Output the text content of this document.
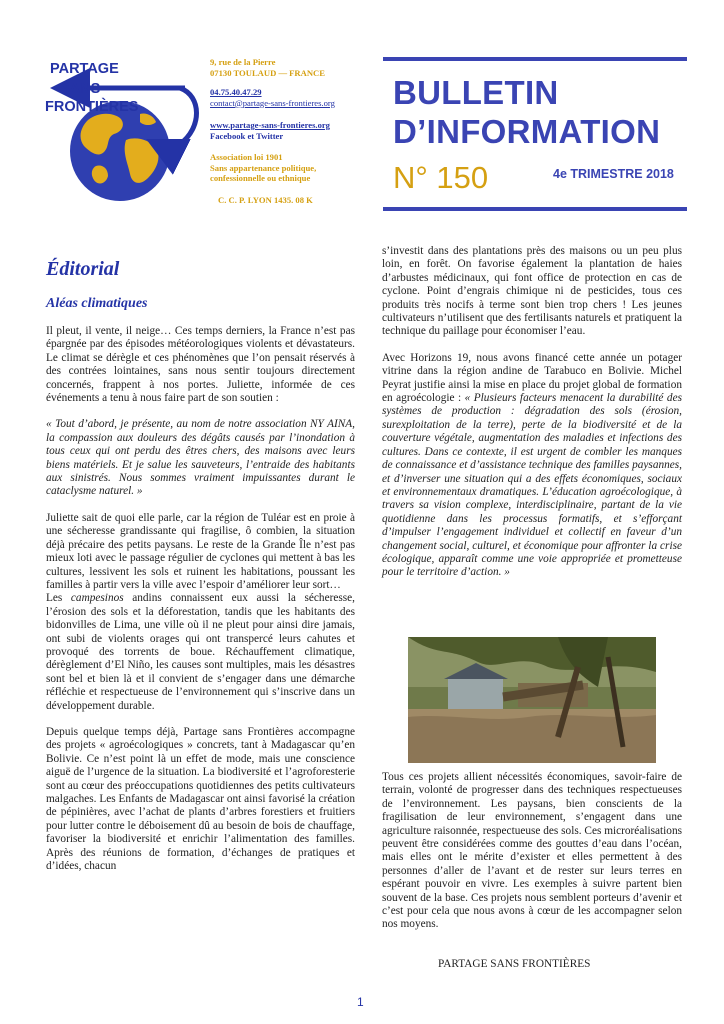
PARTAGE
SANS
FRONTIÈRES
9, rue de la Pierre
07130 TOULAUD — FRANCE
04.75.40.47.29
contact@partage-sans-frontieres.org
www.partage-sans-frontieres.org
Facebook et Twitter
Association loi 1901
Sans appartenance politique,
confessionnelle ou ethnique
C. C. P. LYON 1435. 08 K
BULLETIN
D’INFORMATION
N° 150	4e TRIMESTRE 2018
Éditorial
Aléas climatiques

Il pleut, il vente, il neige… Ces temps derniers, la France n’est pas épargnée par des épisodes météorologiques violents et dévastateurs. Le climat se dérègle et ces phénomènes que l’on pensait réservés à des contrées lointaines, sans nous sentir toujours directement concernés, frappent à nos portes. Juliette, informée de ces événements a tenu à nous faire part de son soutien :

« Tout d’abord, je présente, au nom de notre association NY AINA, la compassion aux douleurs des dégâts causés par l’inondation à tous ceux qui ont perdu des êtres chers, des maisons avec leurs biens matériels. Et je salue les sauveteurs, l’entraide des habitants aux sinistrés. Nous sommes vraiment impuissantes durant le cataclysme naturel. »

Juliette sait de quoi elle parle, car la région de Tuléar est en proie à une sécheresse grandissante qui fragilise, ô combien, la situation déjà précaire des petits paysans. Le reste de la Grande Île n’est pas mieux loti avec le passage régulier de cyclones qui mettent à bas les cultures, lessivent les sols et ruinent les habitations, poussant les familles à partir vers la ville avec l’espoir d’améliorer leur sort…

Les campesinos andins connaissent eux aussi la sécheresse, l’érosion des sols et la déforestation, tandis que les habitants des bidonvilles de Lima, une ville où il ne pleut pour ainsi dire jamais, ont subi de violents orages qui ont transpercé leurs cahutes et provoqué des torrents de boue. Réchauffement climatique, dérèglement d’El Niño, les causes sont multiples, mais les désastres sont bel et bien là et il convient de s’engager dans une démarche réfléchie et respectueuse de l’environnement qui s’inscrive dans un développement durable.

Depuis quelque temps déjà, Partage sans Frontières accompagne des projets « agroécologiques » concrets, tant à Madagascar qu’en Bolivie. Ce n’est point là un effet de mode, mais une conscience aiguë de l’urgence de la situation. La biodiversité et l’agroforesterie sont au cœur des préoccupations quotidiennes des petits cultivateurs malgaches. Les Enfants de Madagascar ont ainsi favorisé la création de pépinières, avec l’achat de plants d’arbres forestiers et fruitiers pour lutter contre le déboisement dû au besoin de bois de chauffage, favoriser la biodiversité et enrichir l’alimentation des familles. Après des réunions de formation, d’échanges de pratiques et d’idées, chacun

s’investit dans des plantations près des maisons ou un peu plus loin, en forêt. On favorise également la plantation de haies d’arbustes médicinaux, qui font office de protection en cas de cyclone. Point d’engrais chimique ni de pesticides, tous ces produits très nocifs à terme sont bien trop chers ! Les jeunes cultivateurs n’utilisent que des fertilisants naturels et pratiquent la technique du paillage pour économiser l’eau.

Avec Horizons 19, nous avons financé cette année un potager vitrine dans la région andine de Tarabuco en Bolivie. Michel Peyrat justifie ainsi la mise en place du projet global de formation en agroécologie : « Plusieurs facteurs menacent la durabilité des systèmes de production : dégradation des sols (érosion, surexploitation de la terre), perte de la biodiversité et de la couverture végétale, augmentation des maladies et infections des cultures. Dans ce contexte, il est urgent de combler les manques de connaissance et d’assistance technique des familles paysannes, et d’inverser une situation qui a des effets économiques, sociaux et environnementaux dramatiques. L’éducation agroécologique, à travers sa vision complexe, interdisciplinaire, partant de la vie quotidienne dans les processus formatifs, et s’efforçant d’impulser l’engagement individuel et collectif en faveur d’un changement social, culturel, et économique pour affronter la crise écologique, apparaît comme une voie appropriée et prometteuse pour le territoire d’action. »

Tous ces projets allient nécessités économiques, savoir-faire de terrain, volonté de progresser dans des techniques respectueuses de l’environnement. Les paysans, bien conscients de la fragilisation de leur environnement, s’engagent dans une agriculture raisonnée, respectueuse des sols. Ces microréalisations peuvent être considérées comme des gouttes d’eau dans l’océan, mais elles ont le mérite d’exister et elles permettent à des personnes d’aller de l’avant et de rester sur leurs terres en espérant pouvoir en vivre. Les exemples à suivre partent bien souvent de la base. Ces projets nous semblent porteurs d’avenir et c’est pour cela que nous avons à cœur de les accompagner selon nos moyens.

PARTAGE SANS FRONTIÈRES
1
